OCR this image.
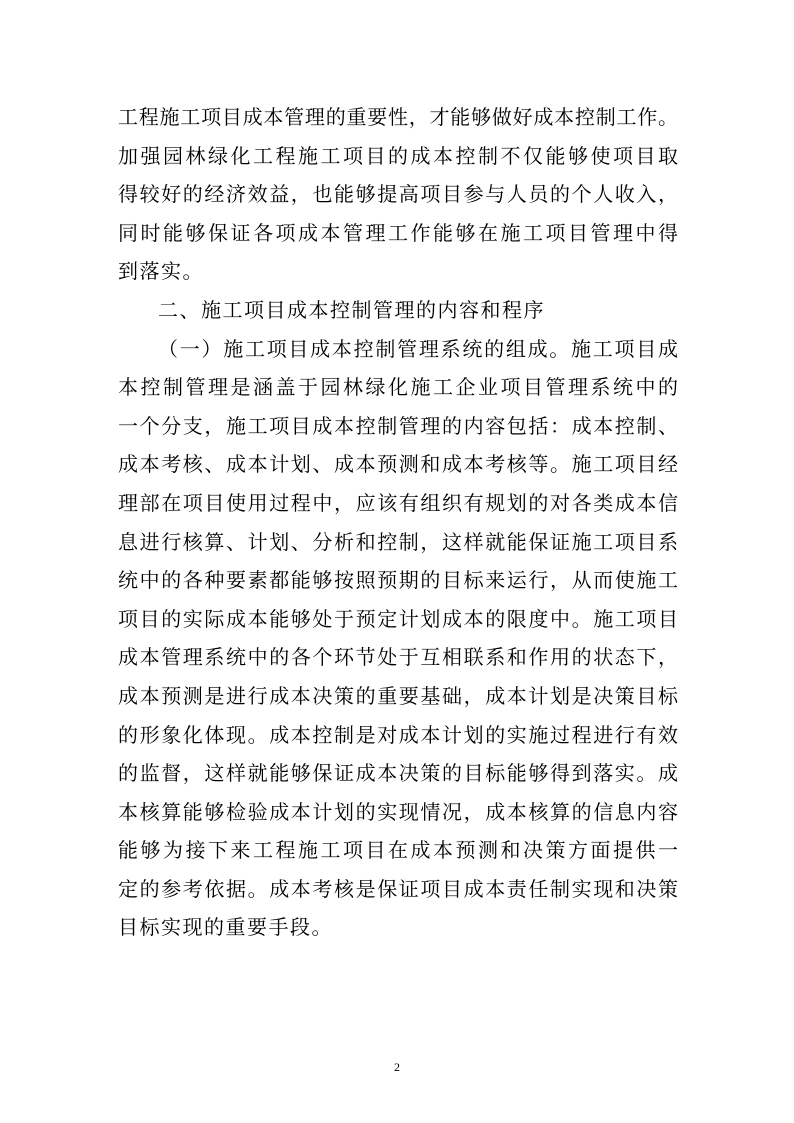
工程施工项目成本管理的重要性，才能够做好成本控制工作。
加强园林绿化工程施工项目的成本控制不仅能够使项目取
得较好的经济效益，也能够提高项目参与人员的个人收入，
同时能够保证各项成本管理工作能够在施工项目管理中得
到落实。
二、施工项目成本控制管理的内容和程序
（一）施工项目成本控制管理系统的组成。施工项目成
本控制管理是涵盖于园林绿化施工企业项目管理系统中的
一个分支，施工项目成本控制管理的内容包括：成本控制、
成本考核、成本计划、成本预测和成本考核等。施工项目经
理部在项目使用过程中，应该有组织有规划的对各类成本信
息进行核算、计划、分析和控制，这样就能保证施工项目系
统中的各种要素都能够按照预期的目标来运行，从而使施工
项目的实际成本能够处于预定计划成本的限度中。施工项目
成本管理系统中的各个环节处于互相联系和作用的状态下，
成本预测是进行成本决策的重要基础，成本计划是决策目标
的形象化体现。成本控制是对成本计划的实施过程进行有效
的监督，这样就能够保证成本决策的目标能够得到落实。成
本核算能够检验成本计划的实现情况，成本核算的信息内容
能够为接下来工程施工项目在成本预测和决策方面提供一
定的参考依据。成本考核是保证项目成本责任制实现和决策
目标实现的重要手段。
2
